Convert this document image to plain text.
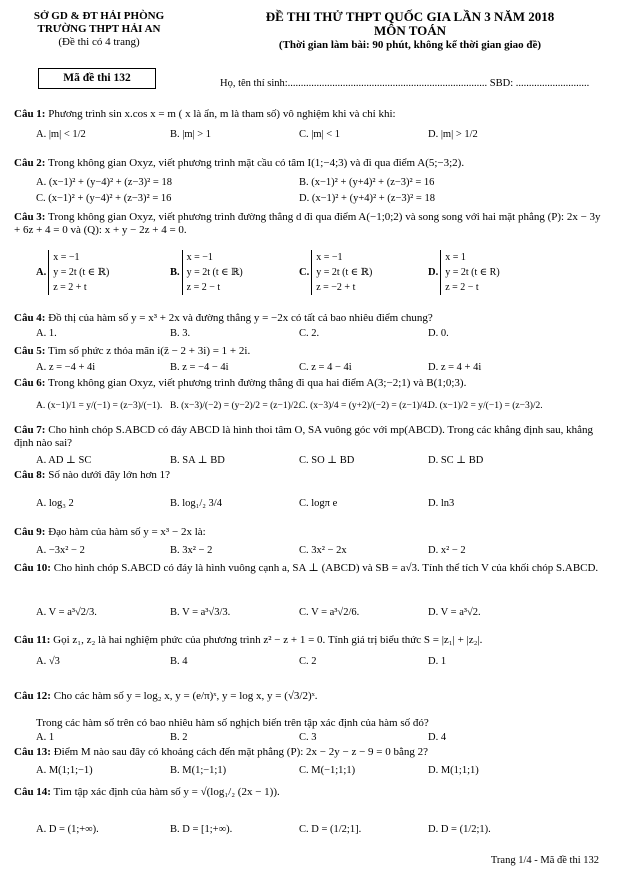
SỞ GD & ĐT HẢI PHÒNG
TRƯỜNG THPT HẢI AN
(Đề thi có 4 trang)
Mã đề thi 132
ĐỀ THI THỬ THPT QUỐC GIA LẦN 3 NĂM 2018
MÔN TOÁN
(Thời gian làm bài: 90 phút, không kể thời gian giao đề)
Họ, tên thí sinh:............................................................................ SBD: ............................
Câu 1: Phương trình sin x.cos x = m ( x là ẩn, m là tham số) vô nghiệm khi và chỉ khi:
A. |m| < 1/2	B. |m| > 1	C. |m| < 1	D. |m| > 1/2
Câu 2: Trong không gian Oxyz, viết phương trình mặt cầu có tâm I(1;−4;3) và đi qua điểm A(5;−3;2).
A. (x−1)² + (y−4)² + (z−3)² = 18	B. (x−1)² + (y+4)² + (z−3)² = 16
C. (x−1)² + (y−4)² + (z−3)² = 16	D. (x−1)² + (y+4)² + (z−3)² = 18
Câu 3: Trong không gian Oxyz, viết phương trình đường thẳng d đi qua điểm A(−1;0;2) và song song với hai mặt phẳng (P): 2x − 3y + 6z + 4 = 0 và (Q): x + y − 2z + 4 = 0.
A.
x = −1
y = 2t (t ∈ ℝ)
z = 2 + t
B.
x = −1
y = 2t (t ∈ ℝ)
z = 2 − t
C.
x = −1
y = 2t (t ∈ ℝ)
z = −2 + t
D.
x = 1
y = 2t (t ∈ R)
z = 2 − t
Câu 4: Đồ thị của hàm số y = x³ + 2x và đường thẳng y = −2x có tất cả bao nhiêu điểm chung?
A. 1.	B. 3.	C. 2.	D. 0.
Câu 5: Tìm số phức z thỏa mãn i(z̄ − 2 + 3i) = 1 + 2i.
A. z = −4 + 4i	B. z = −4 − 4i	C. z = 4 − 4i	D. z = 4 + 4i
Câu 6: Trong không gian Oxyz, viết phương trình đường thẳng đi qua hai điểm A(3;−2;1) và B(1;0;3).
A. (x−1)/1 = y/(−1) = (z−3)/(−1). B. (x−3)/(−2) = (y−2)/2 = (z−1)/2.
C. (x−3)/4 = (y+2)/(−2) = (z−1)/4.
D. (x−1)/2 = y/(−1) = (z−3)/2.
Câu 7: Cho hình chóp S.ABCD có đáy ABCD là hình thoi tâm O, SA vuông góc với mp(ABCD). Trong các khẳng định sau, khẳng định nào sai?
A. AD ⊥ SC	B. SA ⊥ BD	C. SO ⊥ BD	D. SC ⊥ BD
Câu 8: Số nào dưới đây lớn hơn 1?
A. log₃ 2	B. log₁/₂ 3/4	C. logπ e	D. ln3
Câu 9: Đạo hàm của hàm số y = x³ − 2x là:
A. −3x² − 2	B. 3x² − 2	C. 3x² − 2x	D. x² − 2
Câu 10: Cho hình chóp S.ABCD có đáy là hình vuông cạnh a, SA ⊥ (ABCD) và SB = a√3. Tính thể tích V của khối chóp S.ABCD.
A. V = a³√2/3.	B. V = a³√3/3.	C. V = a³√2/6.	D. V = a³√2.
Câu 11: Gọi z₁, z₂ là hai nghiệm phức của phương trình z² − z + 1 = 0. Tính giá trị biểu thức S = |z₁| + |z₂|.
A. √3	B. 4	C. 2	D. 1
Câu 12: Cho các hàm số y = log₂ x, y = (e/π)ˣ, y = log x, y = (√3/2)ˣ.
Trong các hàm số trên có bao nhiêu hàm số nghịch biến trên tập xác định của hàm số đó?
A. 1	B. 2	C. 3	D. 4
Câu 13: Điểm M nào sau đây có khoảng cách đến mặt phẳng (P): 2x − 2y − z − 9 = 0 bằng 2?
A. M(1;1;−1)	B. M(1;−1;1)	C. M(−1;1;1)	D. M(1;1;1)
Câu 14: Tìm tập xác định của hàm số y = √(log₁/₂ (2x − 1)).
A. D = (1;+∞).	B. D = [1;+∞).	C. D = (1/2;1].	D. D = (1/2;1).
Trang 1/4 - Mã đề thi 132
